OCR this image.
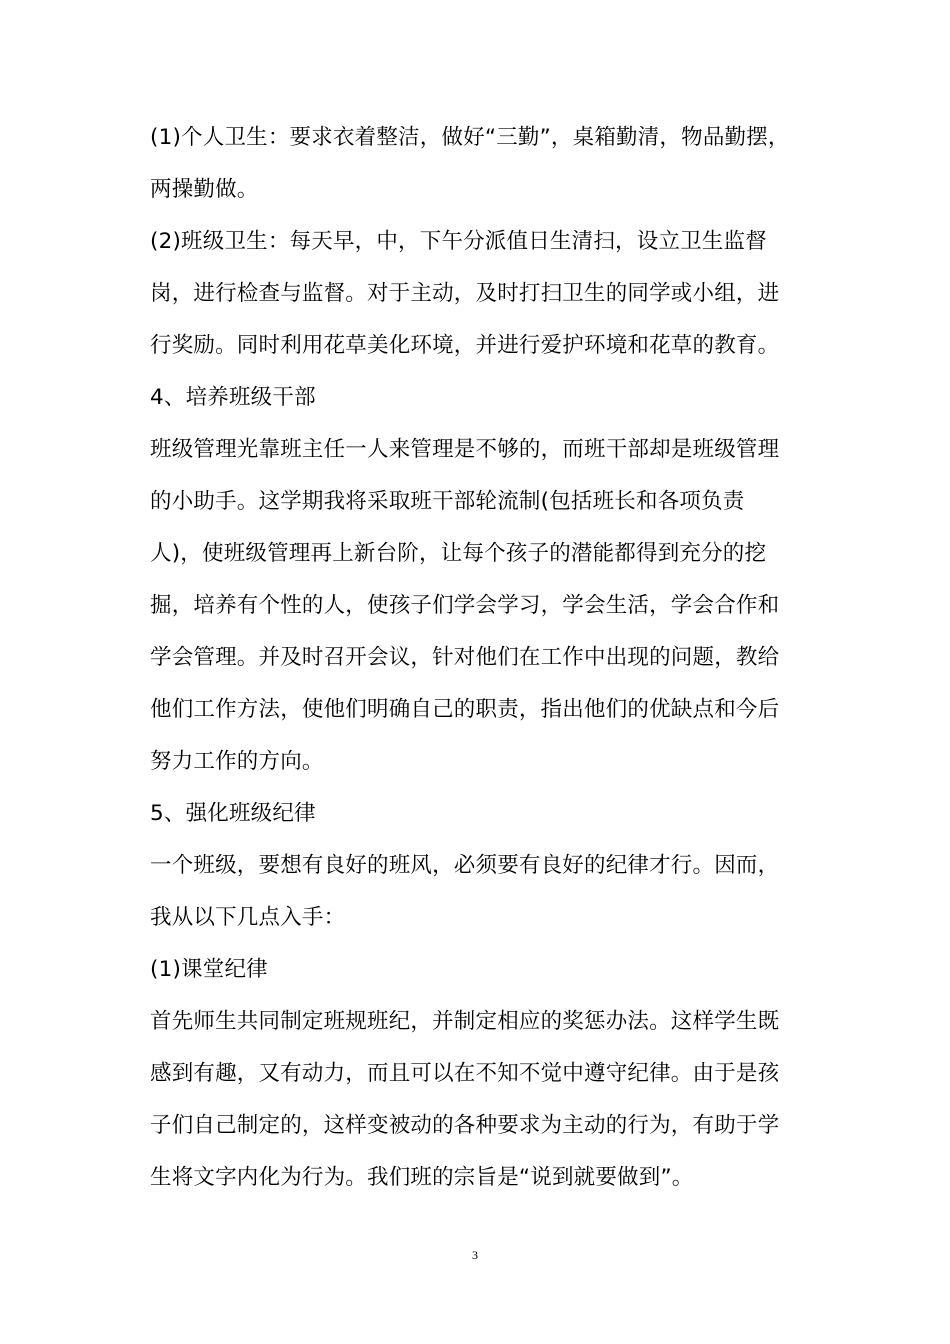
(1)个人卫生：要求衣着整洁，做好“三勤”，桌箱勤清，物品勤摆，
两操勤做。
(2)班级卫生：每天早，中，下午分派值日生清扫，设立卫生监督
岗，进行检查与监督。对于主动，及时打扫卫生的同学或小组，进
行奖励。同时利用花草美化环境，并进行爱护环境和花草的教育。
4、培养班级干部
班级管理光靠班主任一人来管理是不够的，而班干部却是班级管理
的小助手。这学期我将采取班干部轮流制(包括班长和各项负责
人)，使班级管理再上新台阶，让每个孩子的潜能都得到充分的挖
掘，培养有个性的人，使孩子们学会学习，学会生活，学会合作和
学会管理。并及时召开会议，针对他们在工作中出现的问题，教给
他们工作方法，使他们明确自己的职责，指出他们的优缺点和今后
努力工作的方向。
5、强化班级纪律
一个班级，要想有良好的班风，必须要有良好的纪律才行。因而，
我从以下几点入手：
(1)课堂纪律
首先师生共同制定班规班纪，并制定相应的奖惩办法。这样学生既
感到有趣，又有动力，而且可以在不知不觉中遵守纪律。由于是孩
子们自己制定的，这样变被动的各种要求为主动的行为，有助于学
生将文字内化为行为。我们班的宗旨是“说到就要做到”。
3
